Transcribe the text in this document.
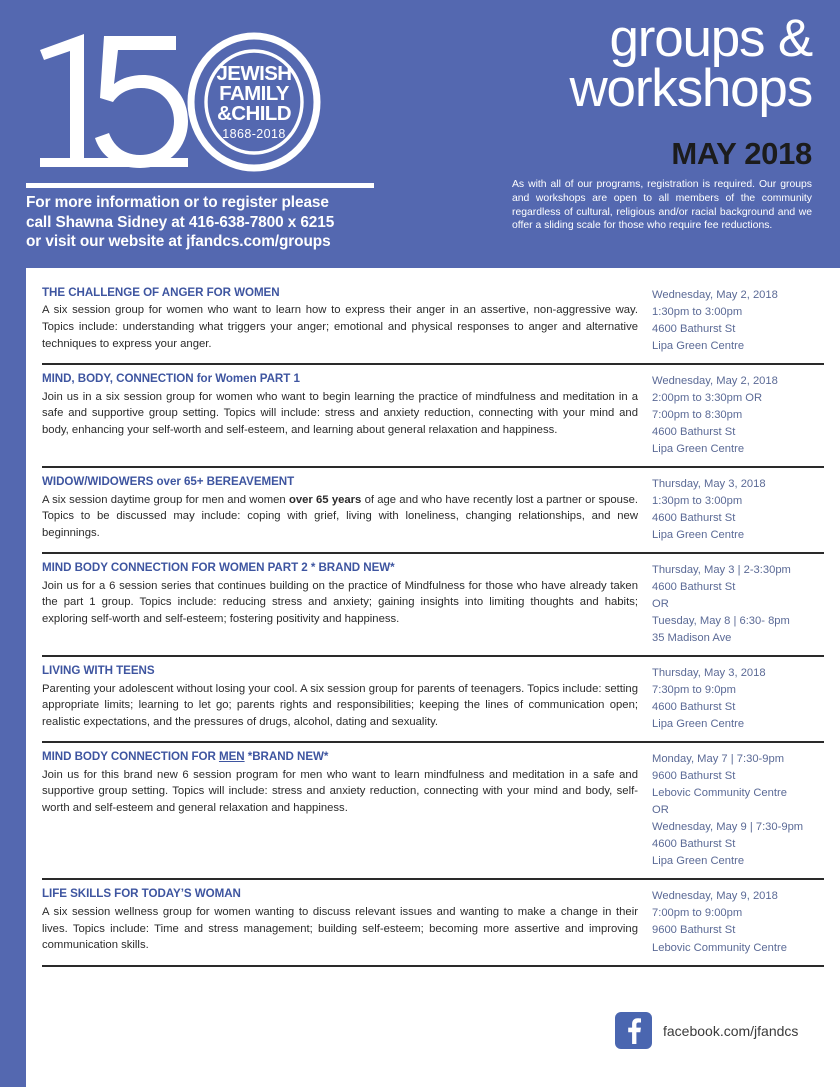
JEWISH
FAMILY
&CHILD
1868-2018
For more information or to register please
call Shawna Sidney at 416-638-7800 x 6215
or visit our website at jfandcs.com/groups
groups &
workshops
MAY 2018
As with all of our programs, registration is required. Our groups and workshops are open to all members of the community regardless of cultural, religious and/or racial background and we offer a sliding scale for those who require fee reductions.
THE CHALLENGE OF ANGER FOR WOMEN
A six session group for women who want to learn how to express their anger in an assertive, non-aggressive way. Topics include: understanding what triggers your anger; emotional and physical responses to anger and alternative techniques to express your anger.
Wednesday, May 2, 2018
1:30pm to 3:00pm
4600 Bathurst St
Lipa Green Centre
MIND, BODY, CONNECTION for Women PART 1
Join us in a six session group for women who want to begin learning the practice of mindfulness and meditation in a safe and supportive group setting. Topics will include: stress and anxiety reduction, connecting with your mind and body, enhancing your self-worth and self-esteem, and learning about general relaxation and happiness.
Wednesday, May 2, 2018
2:00pm to 3:30pm OR
7:00pm to 8:30pm
4600 Bathurst St
Lipa Green Centre
WIDOW/WIDOWERS over 65+ BEREAVEMENT
A six session daytime group for men and women over 65 years of age and who have recently lost a partner or spouse. Topics to be discussed may include: coping with grief, living with loneliness, changing relationships, and new beginnings.
Thursday, May 3, 2018
1:30pm to 3:00pm
4600 Bathurst St
Lipa Green Centre
MIND BODY CONNECTION FOR WOMEN PART 2 * BRAND NEW*
Join us for a 6 session series that continues building on the practice of Mindfulness for those who have already taken the part 1 group. Topics include: reducing stress and anxiety; gaining insights into limiting thoughts and habits; exploring self-worth and self-esteem; fostering positivity and happiness.
Thursday, May 3 | 2-3:30pm
4600 Bathurst St
OR
Tuesday, May 8 | 6:30- 8pm
35 Madison Ave
LIVING WITH TEENS
Parenting your adolescent without losing your cool. A six session group for parents of teenagers. Topics include: setting appropriate limits; learning to let go; parents rights and responsibilities; keeping the lines of communication open; realistic expectations, and the pressures of drugs, alcohol, dating and sexuality.
Thursday, May 3, 2018
7:30pm to 9:0pm
4600 Bathurst St
Lipa Green Centre
MIND BODY CONNECTION FOR MEN *BRAND NEW*
Join us for this brand new 6 session program for men who want to learn mindfulness and meditation in a safe and supportive group setting. Topics will include: stress and anxiety reduction, connecting with your mind and body, self-worth and self-esteem and general relaxation and happiness.
Monday, May 7 | 7:30-9pm
9600 Bathurst St
Lebovic Community Centre
OR
Wednesday, May 9 | 7:30-9pm
4600 Bathurst St
Lipa Green Centre
LIFE SKILLS FOR TODAY’S WOMAN
A six session wellness group for women wanting to discuss relevant issues and wanting to make a change in their lives. Topics include: Time and stress management; building self-esteem; becoming more assertive and improving communication skills.
Wednesday, May 9, 2018
7:00pm to 9:00pm
9600 Bathurst St
Lebovic Community Centre
facebook.com/jfandcs
